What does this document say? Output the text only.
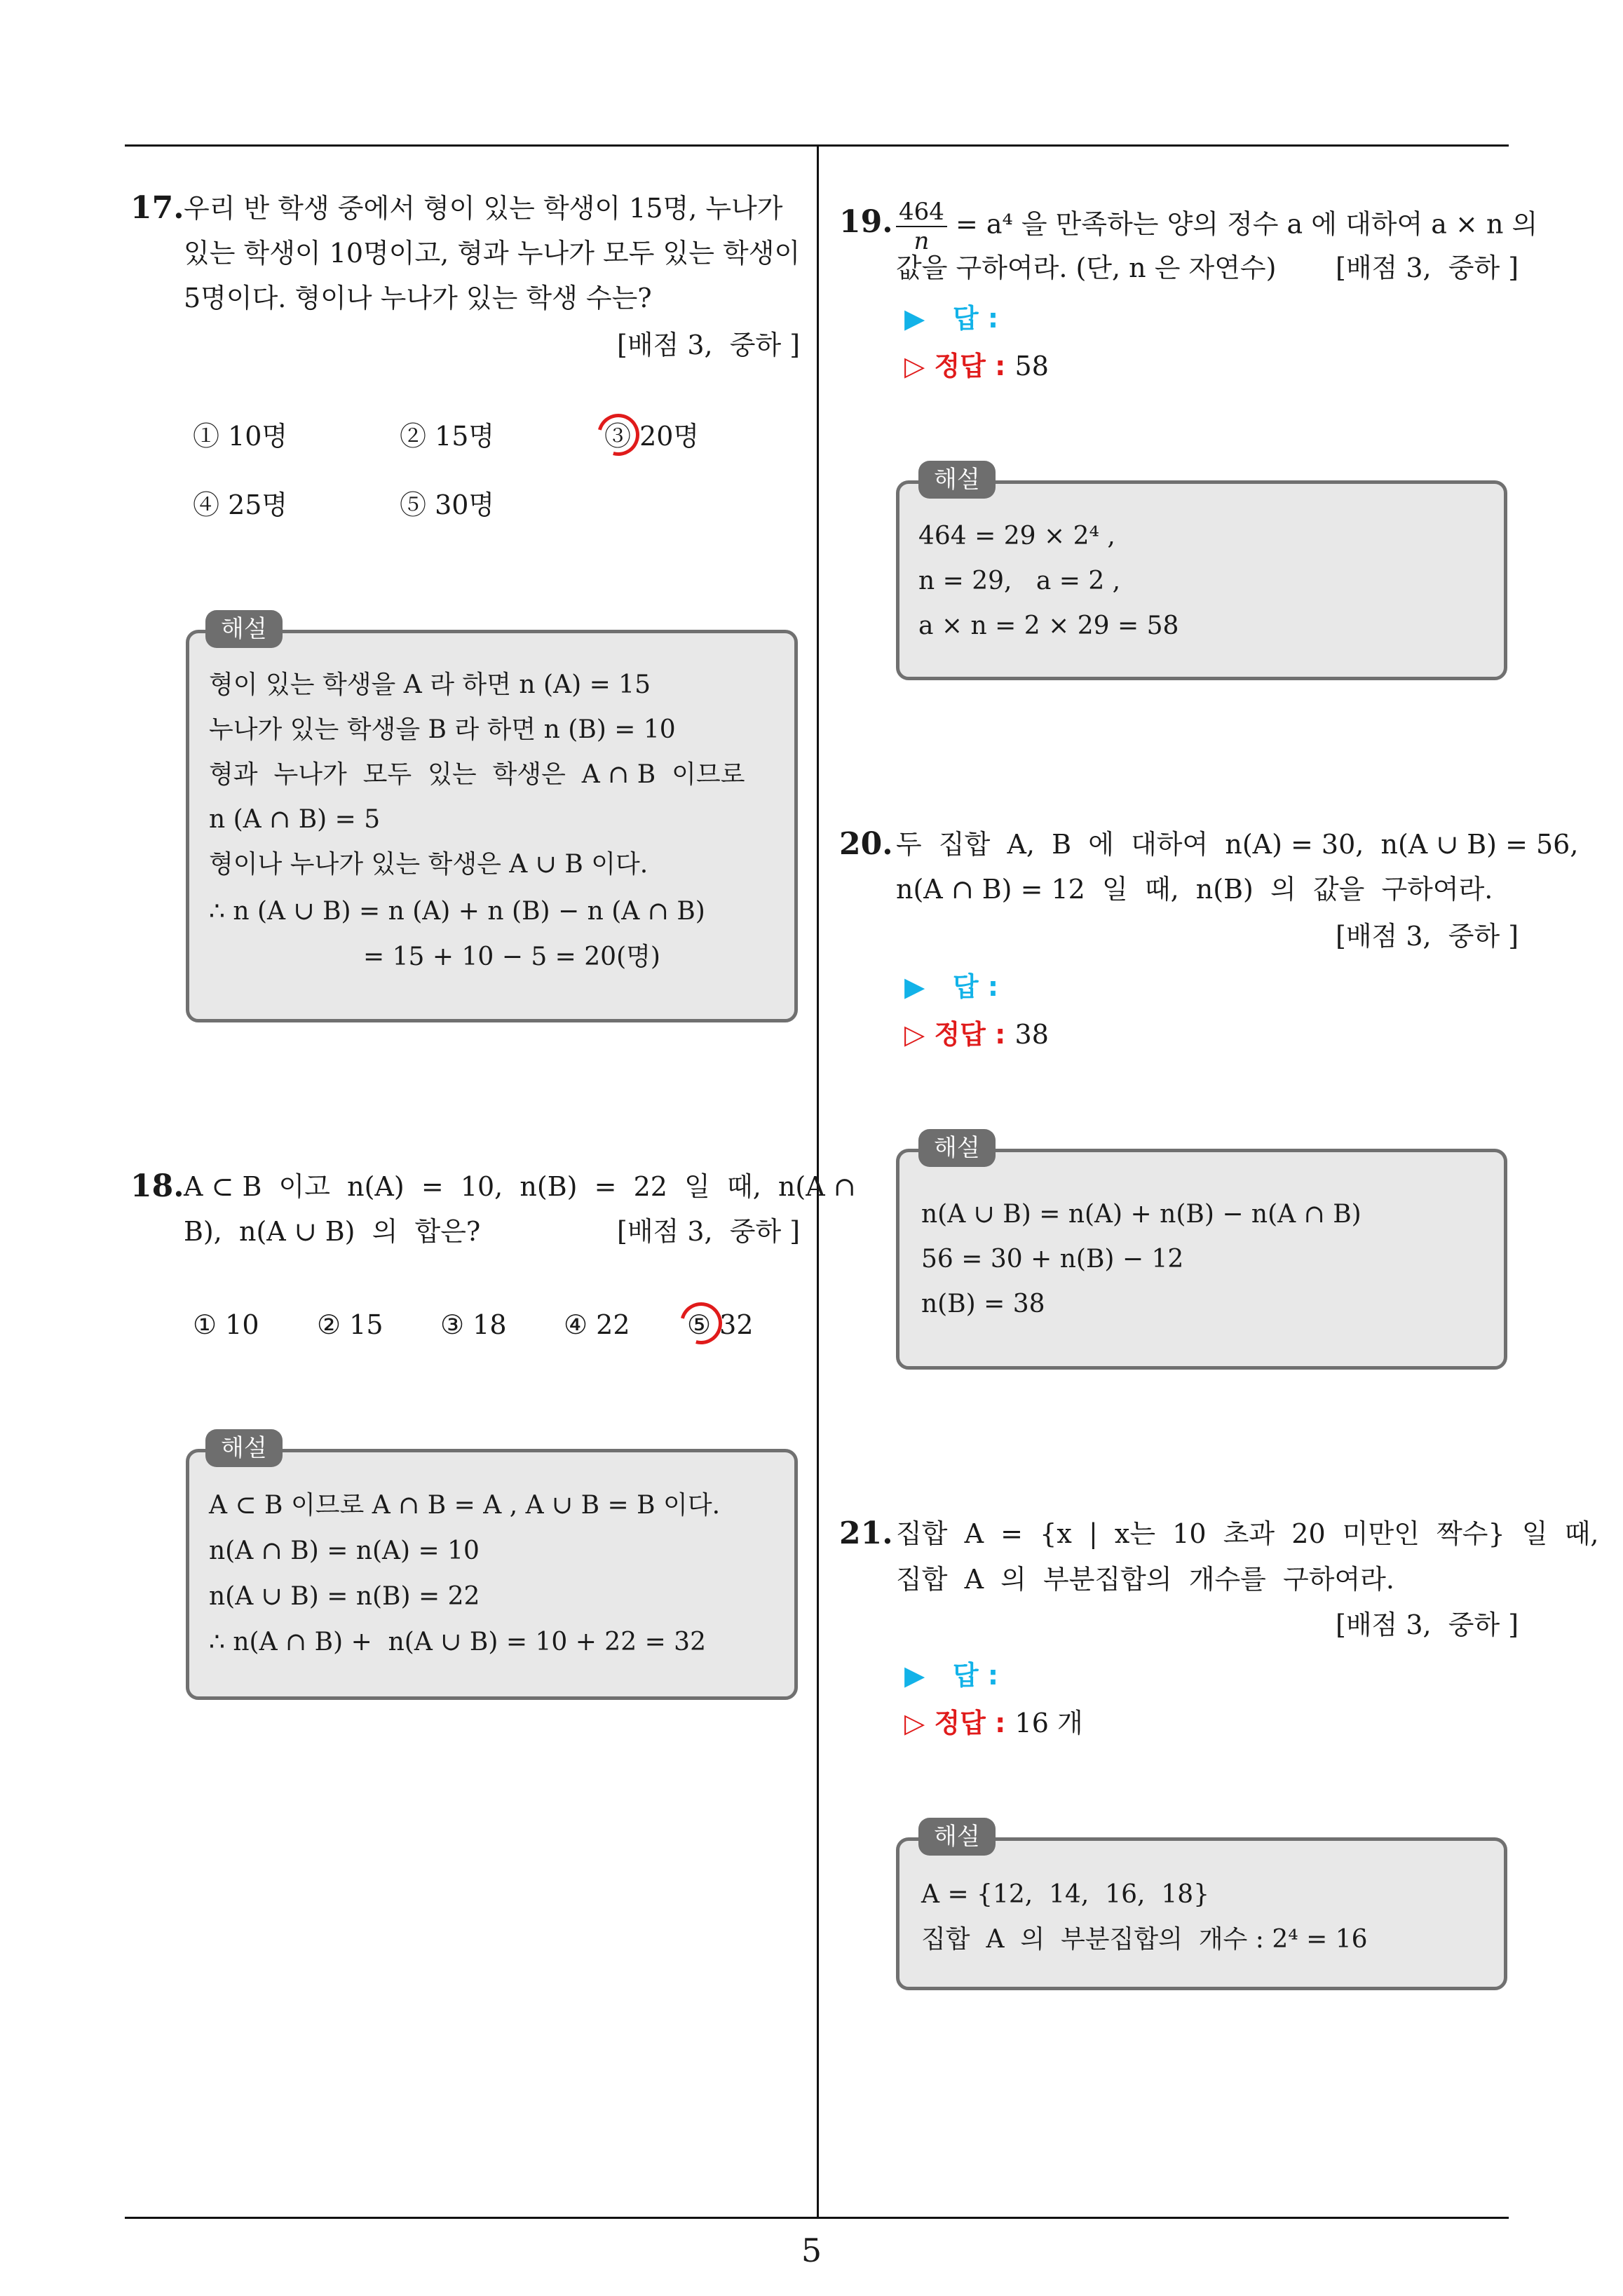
17. 우리 반 학생 중에서 형이 있는 학생이 15명, 누나가
있는 학생이 10명이고, 형과 누나가 모두 있는 학생이
5명이다. 형이나 누나가 있는 학생 수는?
[배점 3,  중하 ]
① 10명	② 15명	③ 20명
④ 25명	⑤ 30명
해설
형이 있는 학생을 A 라 하면 n (A) = 15
누나가 있는 학생을 B 라 하면 n (B) = 10
형과  누나가  모두  있는  학생은  A ∩ B  이므로
n (A ∩ B) = 5
형이나 누나가 있는 학생은 A ∪ B 이다.
∴ n (A ∪ B) = n (A) + n (B) − n (A ∩ B)
= 15 + 10 − 5 = 20(명)
18. A ⊂ B  이고  n(A)  =  10,  n(B)  =  22  일  때,  n(A ∩
B),  n(A ∪ B)  의  합은?	[배점 3,  중하 ]
① 10 ② 15 ③ 18 ④ 22 ⑤ 32
해설
A ⊂ B 이므로 A ∩ B = A , A ∪ B = B 이다.
n(A ∩ B) = n(A) = 10
n(A ∪ B) = n(B) = 22
∴ n(A ∩ B) +  n(A ∪ B) = 10 + 22 = 32
19. $\frac{464}{n} = a^4$ 을 만족하는 양의 정수 a 에 대하여 a × n 의
값을 구하여라. (단, n 은 자연수) [배점 3,  중하 ]
▶   답 :
▷ 정답 : 58
해설
464 = 29 × 2⁴ ,
n = 29,   a = 2 ,
a × n = 2 × 29 = 58
20. 두  집합  A,  B  에  대하여  n(A) = 30,  n(A ∪ B) = 56,
n(A ∩ B) = 12  일  때,  n(B)  의  값을  구하여라.
[배점 3,  중하 ]
▶   답 :
▷ 정답 : 38
해설
n(A ∪ B) = n(A) + n(B) − n(A ∩ B)
56 = 30 + n(B) − 12
n(B) = 38
21. 집합  A  =  {x  |  x는  10  초과  20  미만인  짝수}  일  때,
집합  A  의  부분집합의  개수를  구하여라.
[배점 3,  중하 ]
▶   답 :
▷ 정답 : 16 개
해설
A = {12,  14,  16,  18}
집합  A  의  부분집합의  개수 : 2⁴ = 16
5
